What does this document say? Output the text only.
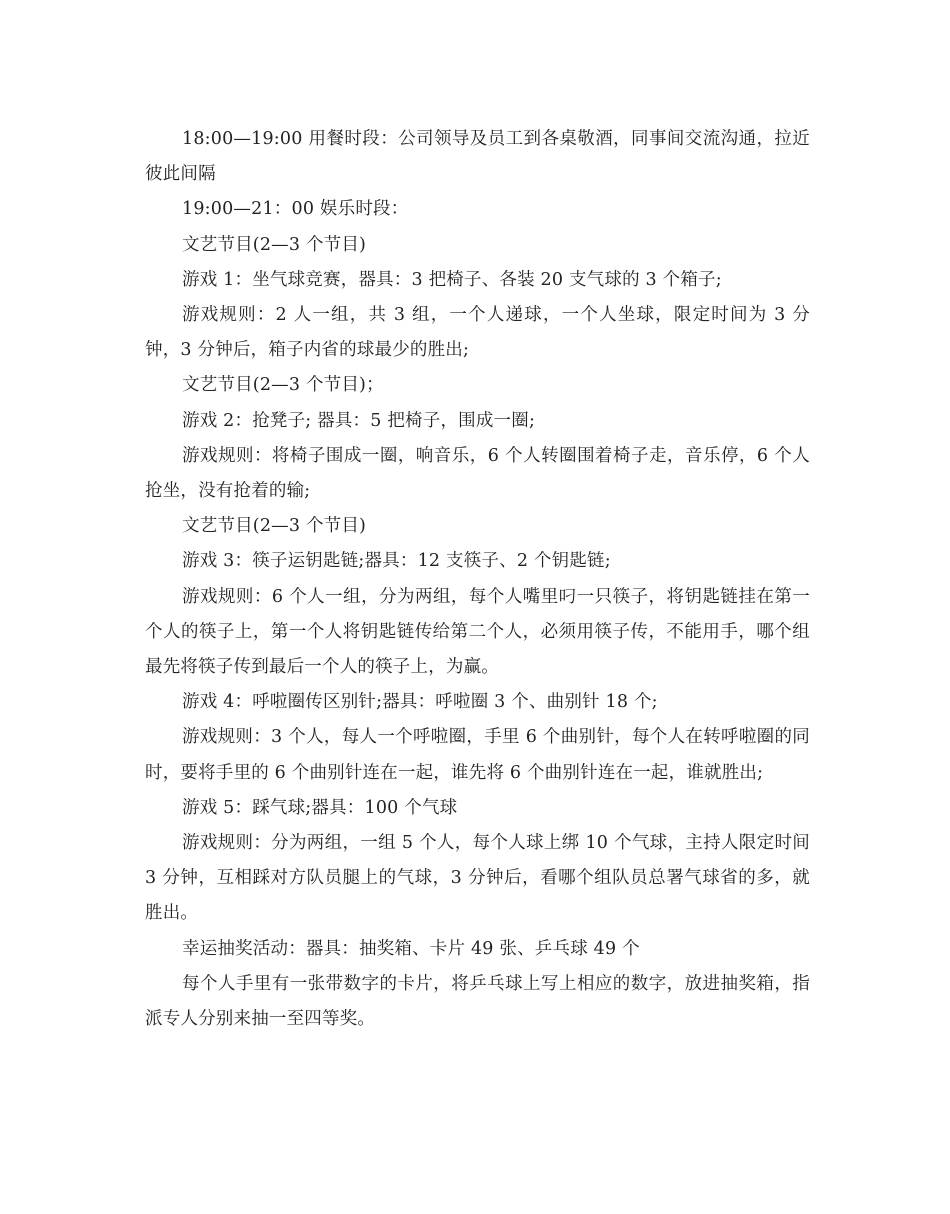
18:00—19:00 用餐时段：公司领导及员工到各桌敬酒，同事间交流沟通，拉近彼此间隔

19:00—21：00 娱乐时段：

文艺节目(2—3 个节目)

游戏 1：坐气球竞赛，器具：3 把椅子、各装 20 支气球的 3 个箱子;

游戏规则：2 人一组，共 3 组，一个人递球，一个人坐球，限定时间为 3 分钟，3 分钟后，箱子内省的球最少的胜出;

文艺节目(2—3 个节目)；

游戏 2：抢凳子; 器具：5 把椅子，围成一圈;

游戏规则：将椅子围成一圈，响音乐，6 个人转圈围着椅子走，音乐停，6 个人抢坐，没有抢着的输;

文艺节目(2—3 个节目)

游戏 3：筷子运钥匙链;器具：12 支筷子、2 个钥匙链;

游戏规则：6 个人一组，分为两组，每个人嘴里叼一只筷子，将钥匙链挂在第一个人的筷子上，第一个人将钥匙链传给第二个人，必须用筷子传，不能用手，哪个组最先将筷子传到最后一个人的筷子上，为赢。

游戏 4：呼啦圈传区别针;器具：呼啦圈 3 个、曲别针 18 个;

游戏规则：3 个人，每人一个呼啦圈，手里 6 个曲别针，每个人在转呼啦圈的同时，要将手里的 6 个曲别针连在一起，谁先将 6 个曲别针连在一起，谁就胜出;

游戏 5：踩气球;器具：100 个气球

游戏规则：分为两组，一组 5 个人，每个人球上绑 10 个气球，主持人限定时间 3 分钟，互相踩对方队员腿上的气球，3 分钟后，看哪个组队员总署气球省的多，就胜出。

幸运抽奖活动：器具：抽奖箱、卡片 49 张、乒乓球 49 个

每个人手里有一张带数字的卡片，将乒乓球上写上相应的数字，放进抽奖箱，指派专人分别来抽一至四等奖。
